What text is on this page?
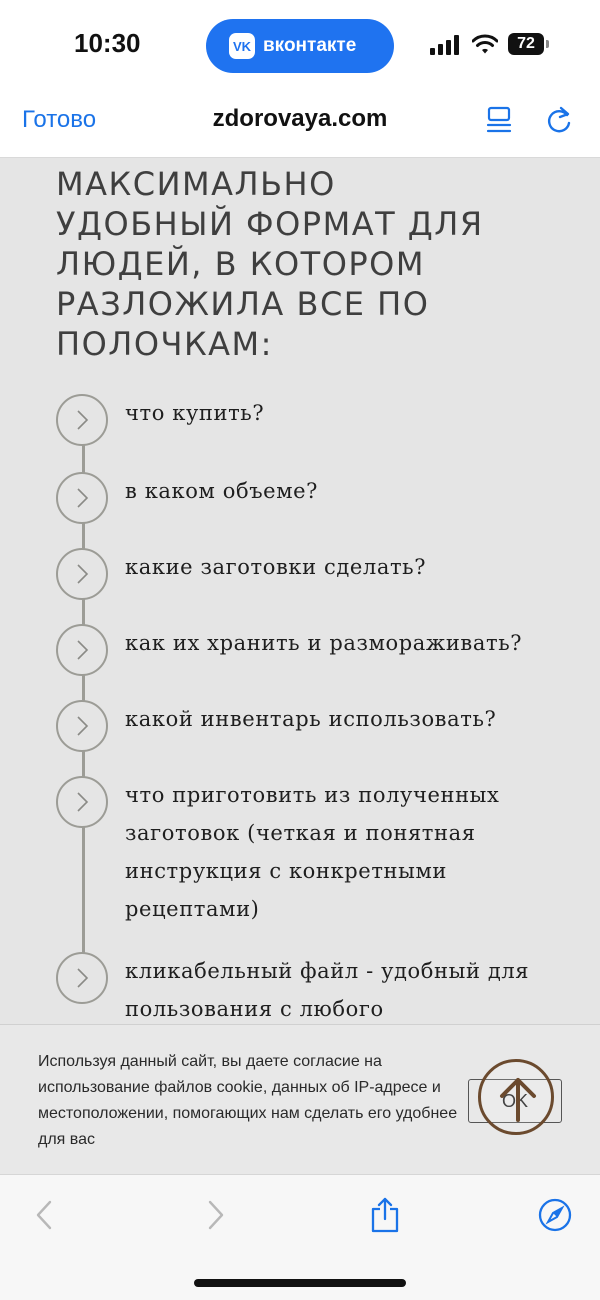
10:30	VK вконтакте	72
Готово	zdorovaya.com
МАКСИМАЛЬНО
УДОБНЫЙ ФОРМАТ ДЛЯ
ЛЮДЕЙ, В КОТОРОМ
РАЗЛОЖИЛА ВСЕ ПО
ПОЛОЧКАМ:
что купить?
в каком объеме?
какие заготовки сделать?
как их хранить и размораживать?
какой инвентарь использовать?
что приготовить из полученных заготовок (четкая и понятная инструкция с конкретными рецептами)
кликабельный файл - удобный для пользования с любого
Используя данный сайт, вы даете согласие на использование файлов cookie, данных об IP-адресе и местоположении, помогающих нам сделать его удобнее для вас
OK
